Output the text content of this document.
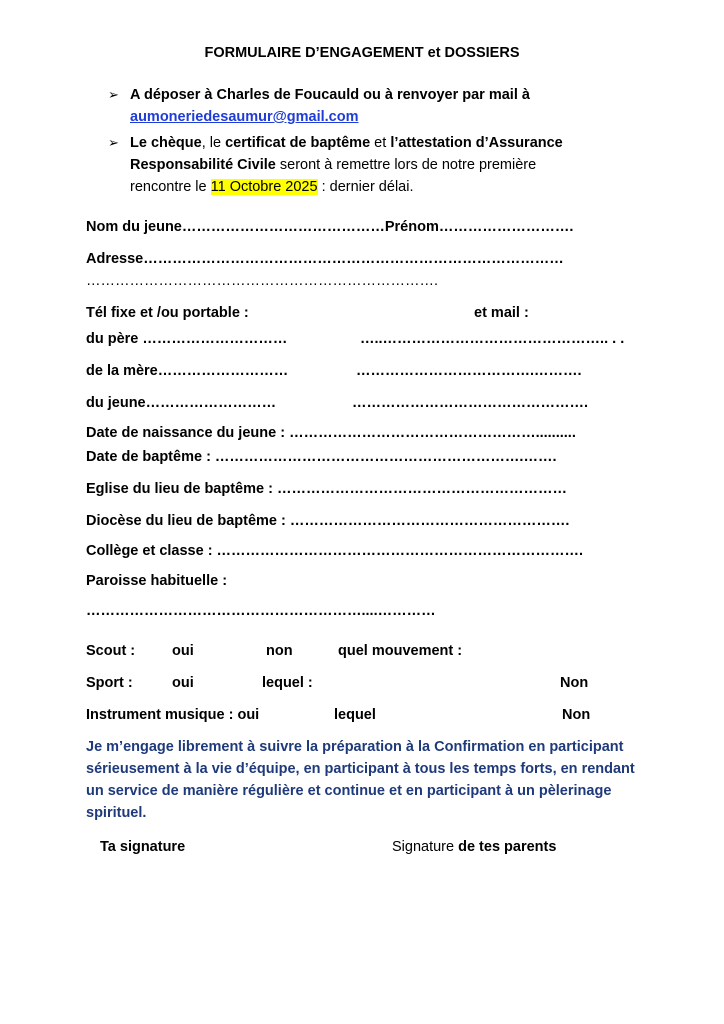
FORMULAIRE D’ENGAGEMENT et DOSSIERS
➢ A déposer à Charles de Foucauld ou à renvoyer par mail à
aumoneriedesaumur@gmail.com
➢ Le chèque, le certificat de baptême et l’attestation d’Assurance
Responsabilité Civile seront à remettre lors de notre première
rencontre le 11 Octobre 2025 : dernier délai.
Nom du jeune……………………………………Prénom……………………….
Adresse……………………………………………………………………………
……………………………………………………………….
Tél fixe et /ou portable :	et mail :
du père …………………………	…..……………………………………….. . .
de la mère………………………	……………………………….……….
du jeune………………………	………………………………………….
Date de naissance du jeune : ……………………………………………..........
Date de baptême : ……………………………………………………….…….
Eglise du lieu de baptême : ……………………………………………………
Diocèse du lieu de baptême : ………………………………………………….
Collège et classe : ………………………………………………………………….
Paroisse habituelle :
…………………………………………………....…………
Scout :	oui	non	quel mouvement :
Sport :	oui	lequel :	Non
Instrument musique : oui	lequel	Non
Je m’engage librement à suivre la préparation à la Confirmation en participant sérieusement à la vie d’équipe, en participant à tous les temps forts, en rendant un service de manière régulière et continue et en participant à un pèlerinage spirituel.
Ta signature	Signature de tes parents
